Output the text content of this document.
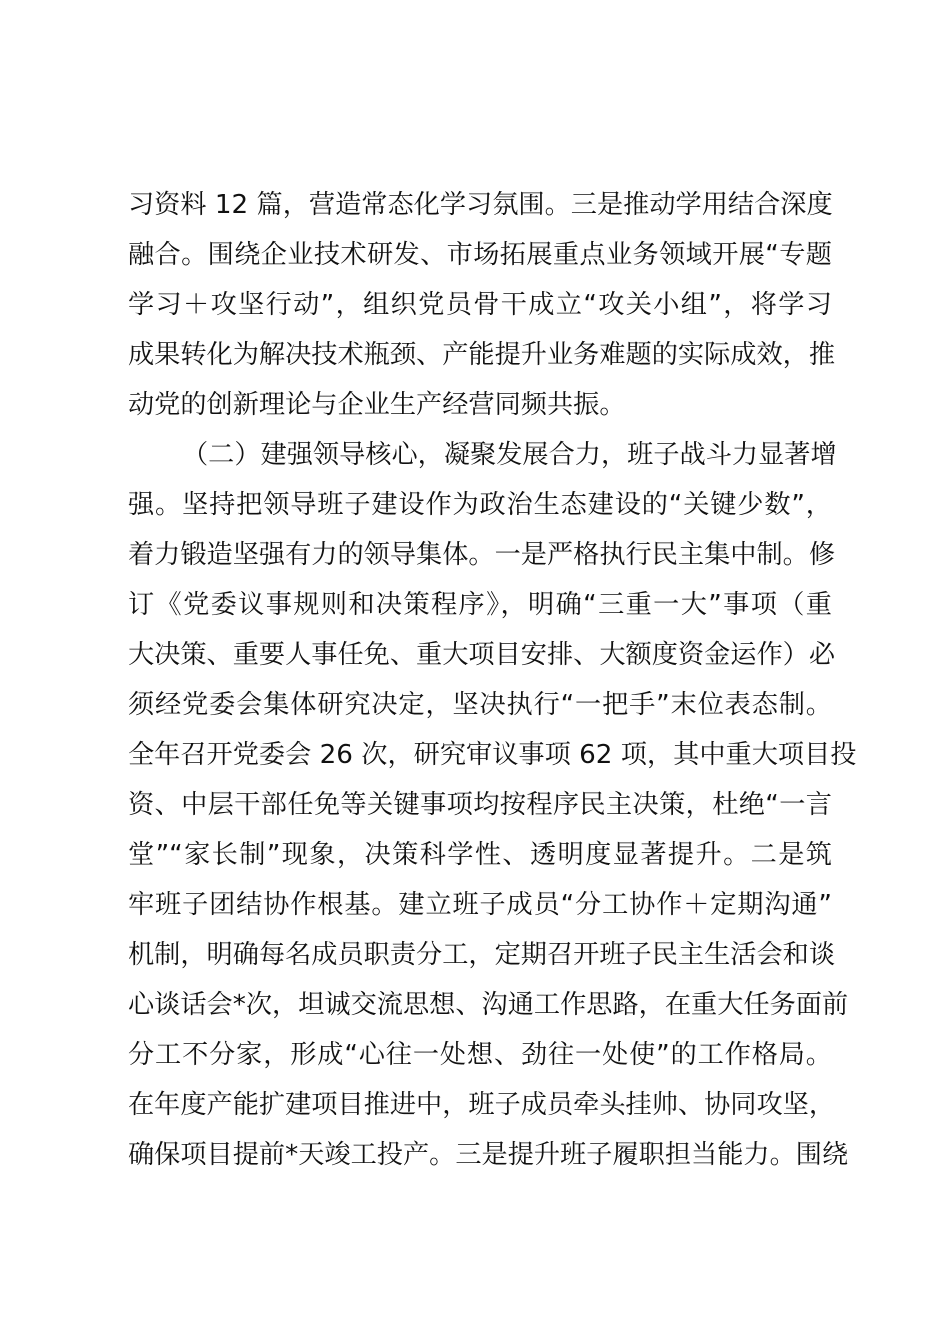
习资料 12 篇，营造常态化学习氛围。三是推动学用结合深度
融合。围绕企业技术研发、市场拓展重点业务领域开展“专题
学习＋攻坚行动”，组织党员骨干成立“攻关小组”，将学习
成果转化为解决技术瓶颈、产能提升业务难题的实际成效，推
动党的创新理论与企业生产经营同频共振。
（二）建强领导核心，凝聚发展合力，班子战斗力显著增
强。坚持把领导班子建设作为政治生态建设的“关键少数”，
着力锻造坚强有力的领导集体。一是严格执行民主集中制。修
订《党委议事规则和决策程序》，明确“三重一大”事项（重
大决策、重要人事任免、重大项目安排、大额度资金运作）必
须经党委会集体研究决定，坚决执行“一把手”末位表态制。
全年召开党委会 26 次，研究审议事项 62 项，其中重大项目投
资、中层干部任免等关键事项均按程序民主决策，杜绝“一言
堂”“家长制”现象，决策科学性、透明度显著提升。二是筑
牢班子团结协作根基。建立班子成员“分工协作＋定期沟通”
机制，明确每名成员职责分工，定期召开班子民主生活会和谈
心谈话会*次，坦诚交流思想、沟通工作思路，在重大任务面前
分工不分家，形成“心往一处想、劲往一处使”的工作格局。
在年度产能扩建项目推进中，班子成员牵头挂帅、协同攻坚，
确保项目提前*天竣工投产。三是提升班子履职担当能力。围绕
